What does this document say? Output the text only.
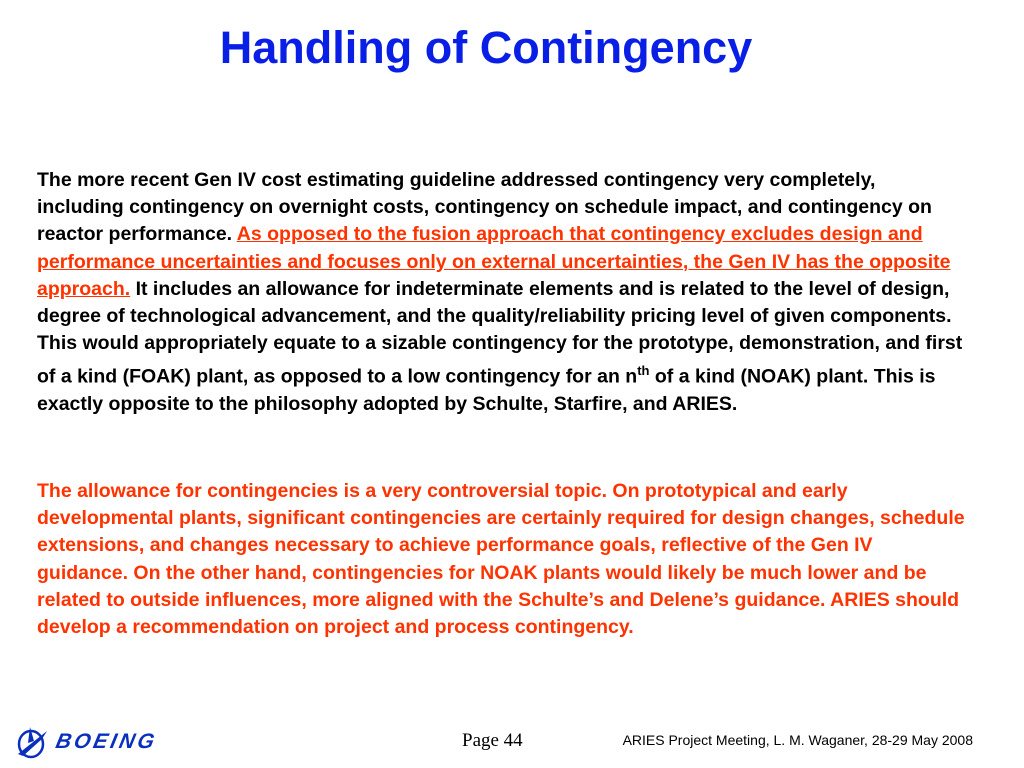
Handling of Contingency

The more recent Gen IV cost estimating guideline addressed contingency very completely, including contingency on overnight costs, contingency on schedule impact, and contingency on reactor performance. As opposed to the fusion approach that contingency excludes design and performance uncertainties and focuses only on external uncertainties, the Gen IV has the opposite approach. It includes an allowance for indeterminate elements and is related to the level of design, degree of technological advancement, and the quality/reliability pricing level of given components. This would appropriately equate to a sizable contingency for the prototype, demonstration, and first of a kind (FOAK) plant, as opposed to a low contingency for an $n^{th}$ of a kind (NOAK) plant. This is exactly opposite to the philosophy adopted by Schulte, Starfire, and ARIES.

The allowance for contingencies is a very controversial topic. On prototypical and early developmental plants, significant contingencies are certainly required for design changes, schedule extensions, and changes necessary to achieve performance goals, reflective of the Gen IV guidance. On the other hand, contingencies for NOAK plants would likely be much lower and be related to outside influences, more aligned with the Schulte’s and Delene’s guidance. ARIES should develop a recommendation on project and process contingency.

BOEING	Page 44	ARIES Project Meeting, L. M. Waganer, 28-29 May 2008
